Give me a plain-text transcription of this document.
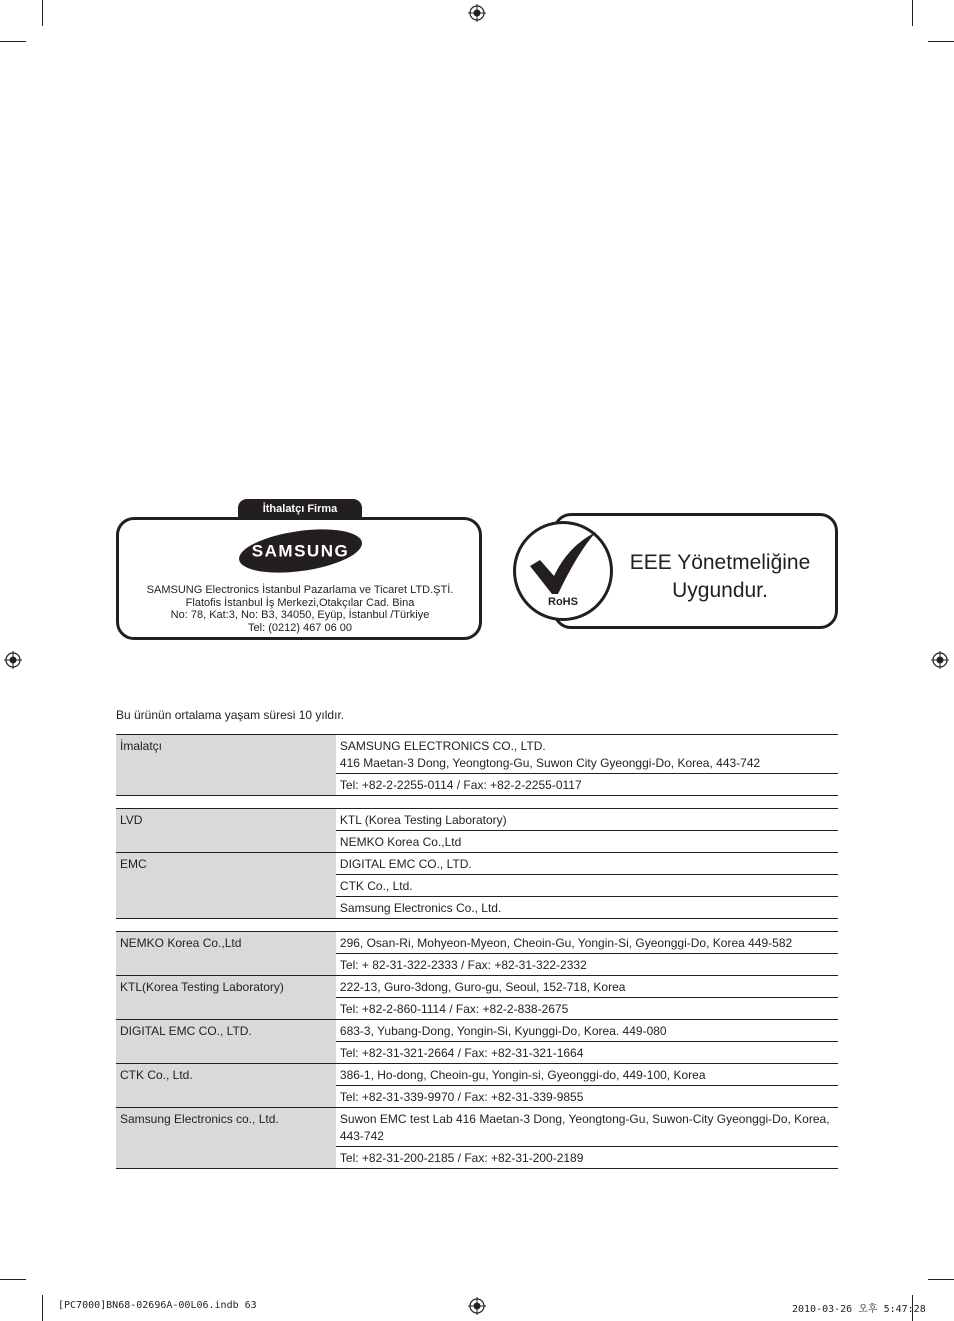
İthalatçı Firma
SAMSUNG
SAMSUNG Electronics İstanbul Pazarlama ve Ticaret LTD.ŞTİ.
Flatofis İstanbul İş Merkezi,Otakçılar Cad. Bina
No: 78, Kat:3, No: B3, 34050, Eyüp, İstanbul /Türkiye
Tel: (0212) 467 06 00
RoHS
EEE Yönetmeliğine
Uygundur.
Bu ürünün ortalama yaşam süresi 10 yıldır.
İmalatçı	SAMSUNG ELECTRONICS CO., LTD.
416 Maetan-3 Dong, Yeongtong-Gu, Suwon City Gyeonggi-Do, Korea, 443-742

	Tel: +82-2-2255-0114 / Fax: +82-2-2255-0117

LVD	KTL (Korea Testing Laboratory)
	NEMKO Korea Co.,Ltd
EMC	DIGITAL EMC CO., LTD.
	CTK Co., Ltd.
	Samsung Electronics Co., Ltd.

NEMKO Korea Co.,Ltd	296, Osan-Ri, Mohyeon-Myeon, Cheoin-Gu, Yongin-Si, Gyeonggi-Do, Korea 449-582
	Tel: + 82-31-322-2333 / Fax: +82-31-322-2332
KTL(Korea Testing Laboratory)	222-13, Guro-3dong, Guro-gu, Seoul, 152-718, Korea
	Tel: +82-2-860-1114 / Fax: +82-2-838-2675
DIGITAL EMC CO., LTD.	683-3, Yubang-Dong, Yongin-Si, Kyunggi-Do, Korea. 449-080
	Tel: +82-31-321-2664 / Fax: +82-31-321-1664
CTK Co., Ltd.	386-1, Ho-dong, Cheoin-gu, Yongin-si, Gyeonggi-do, 449-100, Korea
	Tel: +82-31-339-9970 / Fax: +82-31-339-9855
Samsung Electronics co., Ltd.	Suwon EMC test Lab 416 Maetan-3 Dong, Yeongtong-Gu, Suwon-City Gyeonggi-Do, Korea, 443-742
	Tel: +82-31-200-2185 / Fax: +82-31-200-2189
[PC7000]BN68-02696A-00L06.indb 63	2010-03-26 오후 5:47:28
